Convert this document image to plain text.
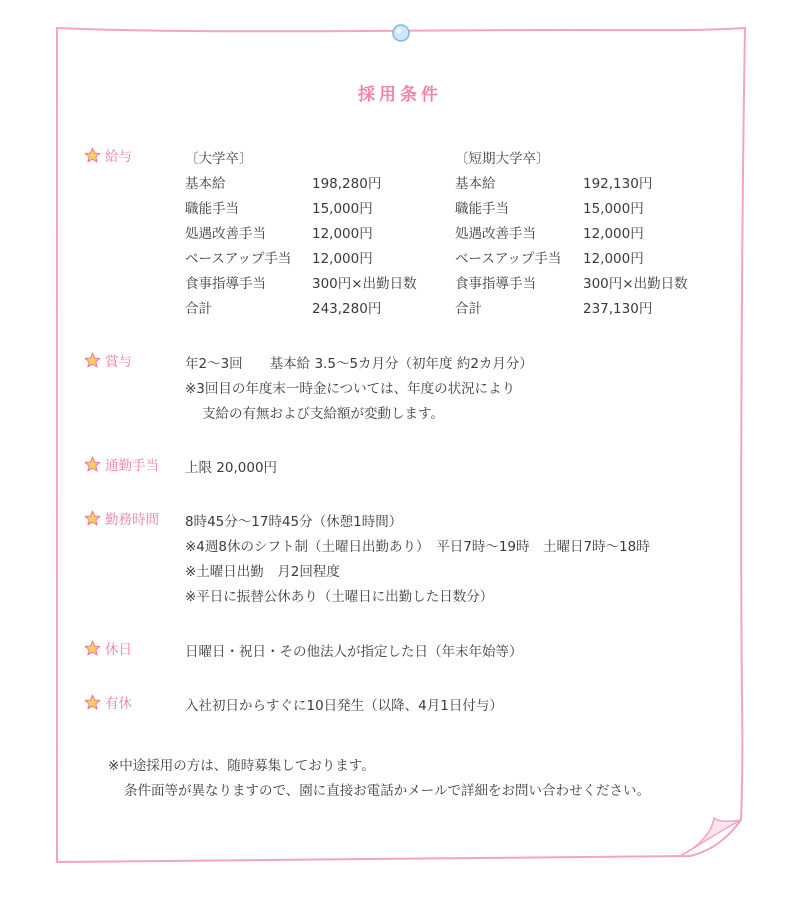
採用条件
給与	〔大学卒〕
基本給	198,280円
職能手当	15,000円
処遇改善手当	12,000円
ベースアップ手当 12,000円
食事指導手当	300円×出勤日数
合計	243,280円
〔短期大学卒〕
基本給	192,130円
職能手当	15,000円
処遇改善手当	12,000円
ベースアップ手当 12,000円
食事指導手当	300円×出勤日数
合計	237,130円
賞与	年2～3回　　基本給 3.5～5カ月分（初年度 約2カ月分）
※3回目の年度末一時金については、年度の状況により
支給の有無および支給額が変動します。
通勤手当 上限 20,000円
勤務時間 8時45分～17時45分（休憩1時間）
※4週8休のシフト制（土曜日出勤あり）　平日7時～19時　土曜日7時～18時
※土曜日出勤　月2回程度
※平日に振替公休あり（土曜日に出勤した日数分）
休日	日曜日・祝日・その他法人が指定した日（年末年始等）
有休	入社初日からすぐに10日発生（以降、4月1日付与）
※中途採用の方は、随時募集しております。
条件面等が異なりますので、園に直接お電話かメールで詳細をお問い合わせください。
